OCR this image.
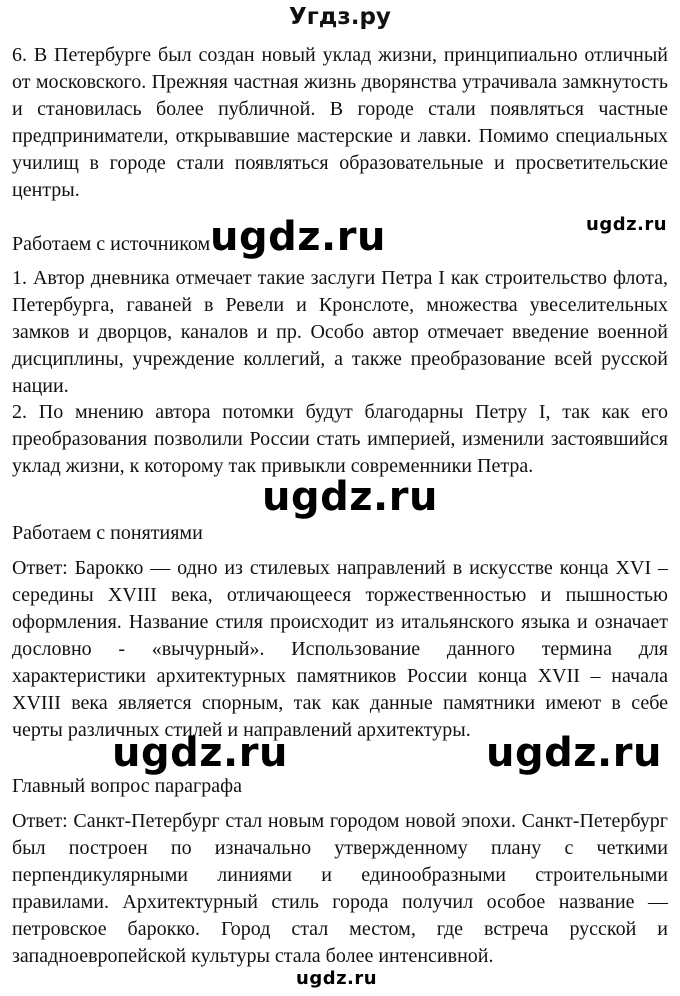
Угдз.ру

6. В Петербурге был создан новый уклад жизни, принципиально отличный от московского. Прежняя частная жизнь дворянства утрачивала замкнутость и становилась более публичной. В городе стали появляться частные предприниматели, открывавшие мастерские и лавки. Помимо специальных училищ в городе стали появляться образовательные и просветительские центры.

ugdz.ru
Работаем с источником ugdz.ru

1. Автор дневника отмечает такие заслуги Петра I как строительство флота, Петербурга, гаваней в Ревели и Кронслоте, множества увеселительных замков и дворцов, каналов и пр. Особо автор отмечает введение военной дисциплины, учреждение коллегий, а также преобразование всей русской нации.

2. По мнению автора потомки будут благодарны Петру I, так как его преобразования позволили России стать империей, изменили застоявшийся уклад жизни, к которому так привыкли современники Петра.

ugdz.ru
Работаем с понятиями

Ответ: Барокко — одно из стилевых направлений в искусстве конца XVI – середины XVIII века, отличающееся торжественностью и пышностью оформления. Название стиля происходит из итальянского языка и означает дословно - «вычурный». Использование данного термина для характеристики архитектурных памятников России конца XVII – начала XVIII века является спорным, так как данные памятники имеют в себе черты различных стилей и направлений архитектуры.

ugdz.ru	ugdz.ru
Главный вопрос параграфа

Ответ: Санкт-Петербург стал новым городом новой эпохи. Санкт-Петербург был построен по изначально утвержденному плану с четкими перпендикулярными линиями и единообразными строительными правилами. Архитектурный стиль города получил особое название — петровское барокко. Город стал местом, где встреча русской и западноевропейской культуры стала более интенсивной.

ugdz.ru
